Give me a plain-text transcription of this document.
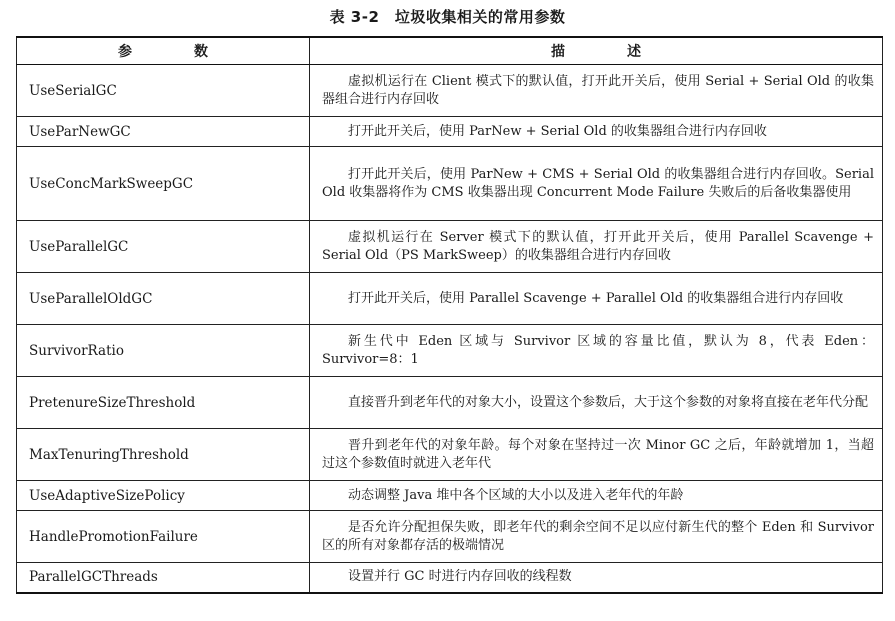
表 3-2　垃圾收集相关的常用参数
参　数	描　述
UseSerialGC	虚拟机运行在 Client 模式下的默认值，打开此开关后，使用 Serial + Serial Old 的收集器组合进行内存回收
UseParNewGC	打开此开关后，使用 ParNew + Serial Old 的收集器组合进行内存回收
UseConcMarkSweepGC	打开此开关后，使用 ParNew + CMS + Serial Old 的收集器组合进行内存回收。Serial Old 收集器将作为 CMS 收集器出现 Concurrent Mode Failure 失败后的后备收集器使用
UseParallelGC	虚拟机运行在 Server 模式下的默认值，打开此开关后，使用 Parallel Scavenge + Serial Old（PS MarkSweep）的收集器组合进行内存回收
UseParallelOldGC	打开此开关后，使用 Parallel Scavenge + Parallel Old 的收集器组合进行内存回收
SurvivorRatio	新生代中 Eden 区域与 Survivor 区域的容量比值，默认为 8，代表 Eden：Survivor=8：1
PretenureSizeThreshold	直接晋升到老年代的对象大小，设置这个参数后，大于这个参数的对象将直接在老年代分配
MaxTenuringThreshold	晋升到老年代的对象年龄。每个对象在坚持过一次 Minor GC 之后，年龄就增加 1，当超过这个参数值时就进入老年代
UseAdaptiveSizePolicy	动态调整 Java 堆中各个区域的大小以及进入老年代的年龄
HandlePromotionFailure	是否允许分配担保失败，即老年代的剩余空间不足以应付新生代的整个 Eden 和 Survivor 区的所有对象都存活的极端情况
ParallelGCThreads	设置并行 GC 时进行内存回收的线程数
